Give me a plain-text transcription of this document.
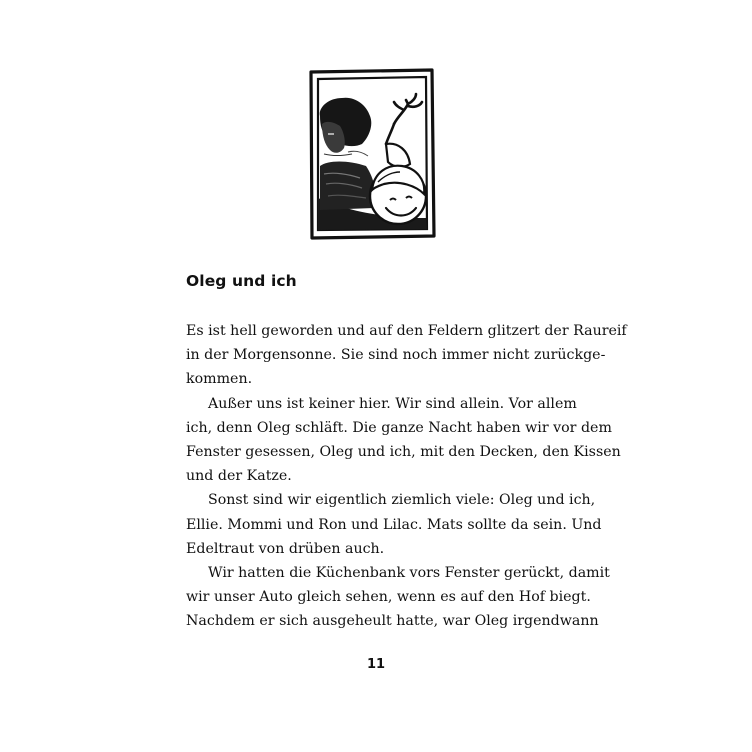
Oleg und ich
Es ist hell geworden und auf den Feldern glitzert der Raureif
in der Morgensonne. Sie sind noch immer nicht zurückge-
kommen.
Außer uns ist keiner hier. Wir sind allein. Vor allem
ich, denn Oleg schläft. Die ganze Nacht haben wir vor dem
Fenster gesessen, Oleg und ich, mit den Decken, den Kissen
und der Katze.
Sonst sind wir eigentlich ziemlich viele: Oleg und ich,
Ellie. Mommi und Ron und Lilac. Mats sollte da sein. Und
Edeltraut von drüben auch.
Wir hatten die Küchenbank vors Fenster gerückt, damit
wir unser Auto gleich sehen, wenn es auf den Hof biegt.
Nachdem er sich ausgeheult hatte, war Oleg irgendwann
11
